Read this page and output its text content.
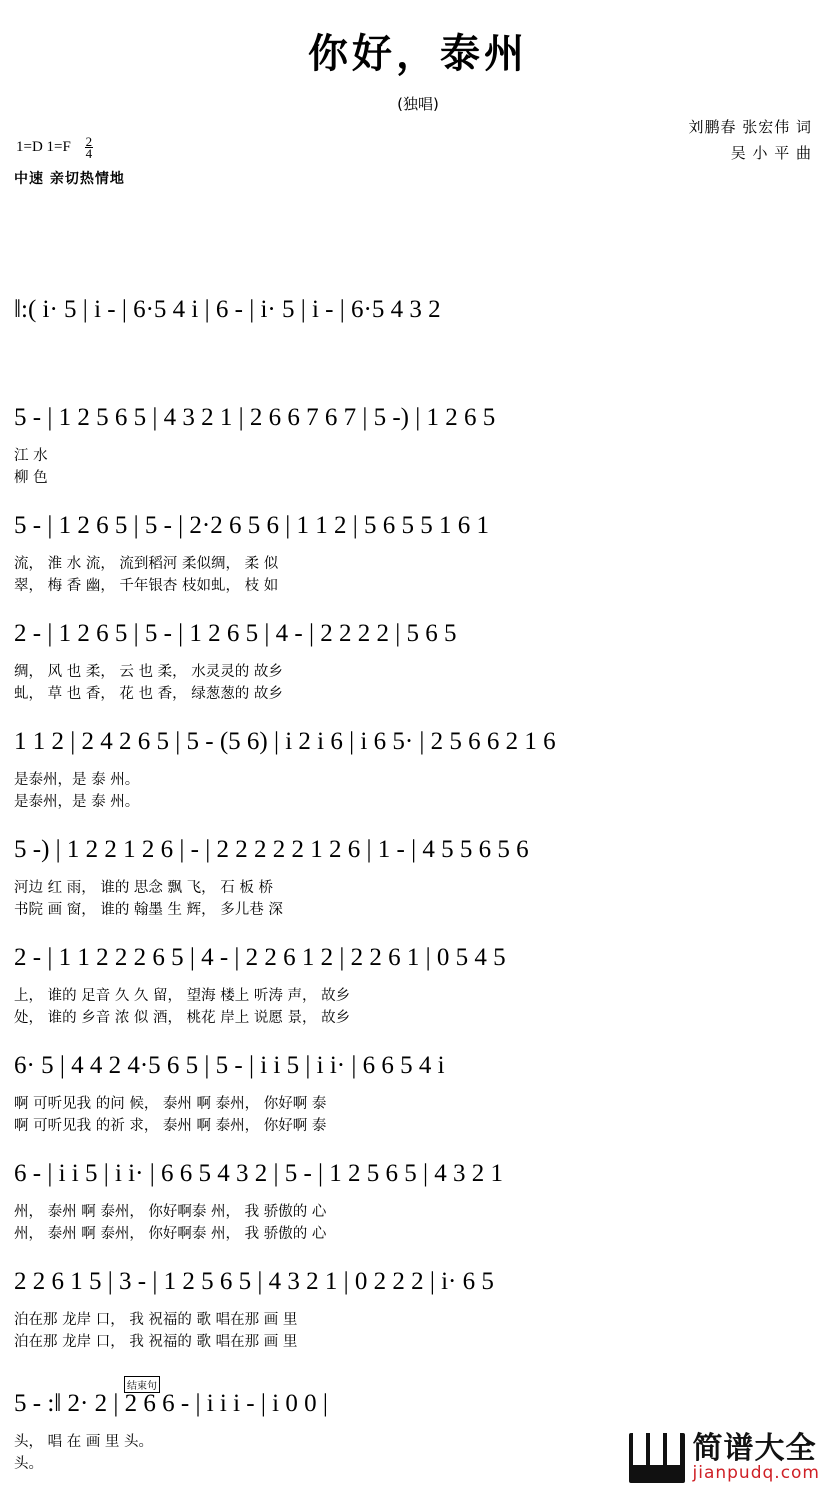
你好，泰州
(独唱)
刘鹏春 张宏伟 词
吴 小 平 曲
1=D $1=F \frac{2}{4}$
中速 亲切热情地
‖:( i· 5 | i - | 6·5 4 i | 6 - | i· 5 | i - | 6·5 4 3 2
5 - | 1 2 5 6 5 | 4 3 2 1 | 2 6 6 7 6 7 | 5 -) | 1 2 6 5
江 水
柳 色
5 - | 1 2 6 5 | 5 - | 2·2 6 5 6 | 1 1 2 | 5 6 5 5 1 6 1
流， 淮 水 流， 流到稻河 柔似绸， 柔 似
翠， 梅 香 幽， 千年银杏 枝如虬， 枝 如
2 - | 1 2 6 5 | 5 - | 1 2 6 5 | 4 - | 2 2 2 2 | 5 6 5
绸， 风 也 柔， 云 也 柔， 水灵灵的 故乡
虬， 草 也 香， 花 也 香， 绿葱葱的 故乡
1 1 2 | 2 4 2 6 5 | 5 - (5 6) | i 2 i 6 | i 6 5· | 2 5 6 6 2 1 6
是泰州，是 泰 州。
是泰州，是 泰 州。
5 -) | 1 2 2 1 2 6 | - | 2 2 2 2 2 1 2 6 | 1 - | 4 5 5 6 5 6
河边 红 雨， 谁的 思念 飘 飞， 石 板 桥
书院 画 窗， 谁的 翰墨 生 辉， 多儿巷 深
2 - | 1 1 2 2 2 6 5 | 4 - | 2 2 6 1 2 | 2 2 6 1 | 0 5 4 5
上， 谁的 足音 久 久 留， 望海 楼上 听涛 声， 故乡
处， 谁的 乡音 浓 似 酒， 桃花 岸上 说愿 景， 故乡
6· 5 | 4 4 2 4·5 6 5 | 5 - | i i 5 | i i· | 6 6 5 4 i
啊 可听见我 的问 候， 泰州 啊 泰州， 你好啊 泰
啊 可听见我 的祈 求， 泰州 啊 泰州， 你好啊 泰
6 - | i i 5 | i i· | 6 6 5 4 3 2 | 5 - | 1 2 5 6 5 | 4 3 2 1
州， 泰州 啊 泰州， 你好啊泰 州， 我 骄傲的 心
州， 泰州 啊 泰州， 你好啊泰 州， 我 骄傲的 心
2 2 6 1 5 | 3 - | 1 2 5 6 5 | 4 3 2 1 | 0 2 2 2 | i· 6 5
泊在那 龙岸 口， 我 祝福的 歌 唱在那 画 里
泊在那 龙岸 口， 我 祝福的 歌 唱在那 画 里
结束句
5 - :‖ 2· 2 | 2 6 6 - | i i i - | i 0 0 |
头， 唱 在 画 里 头。
头。	简谱大全
jianpudq.com
